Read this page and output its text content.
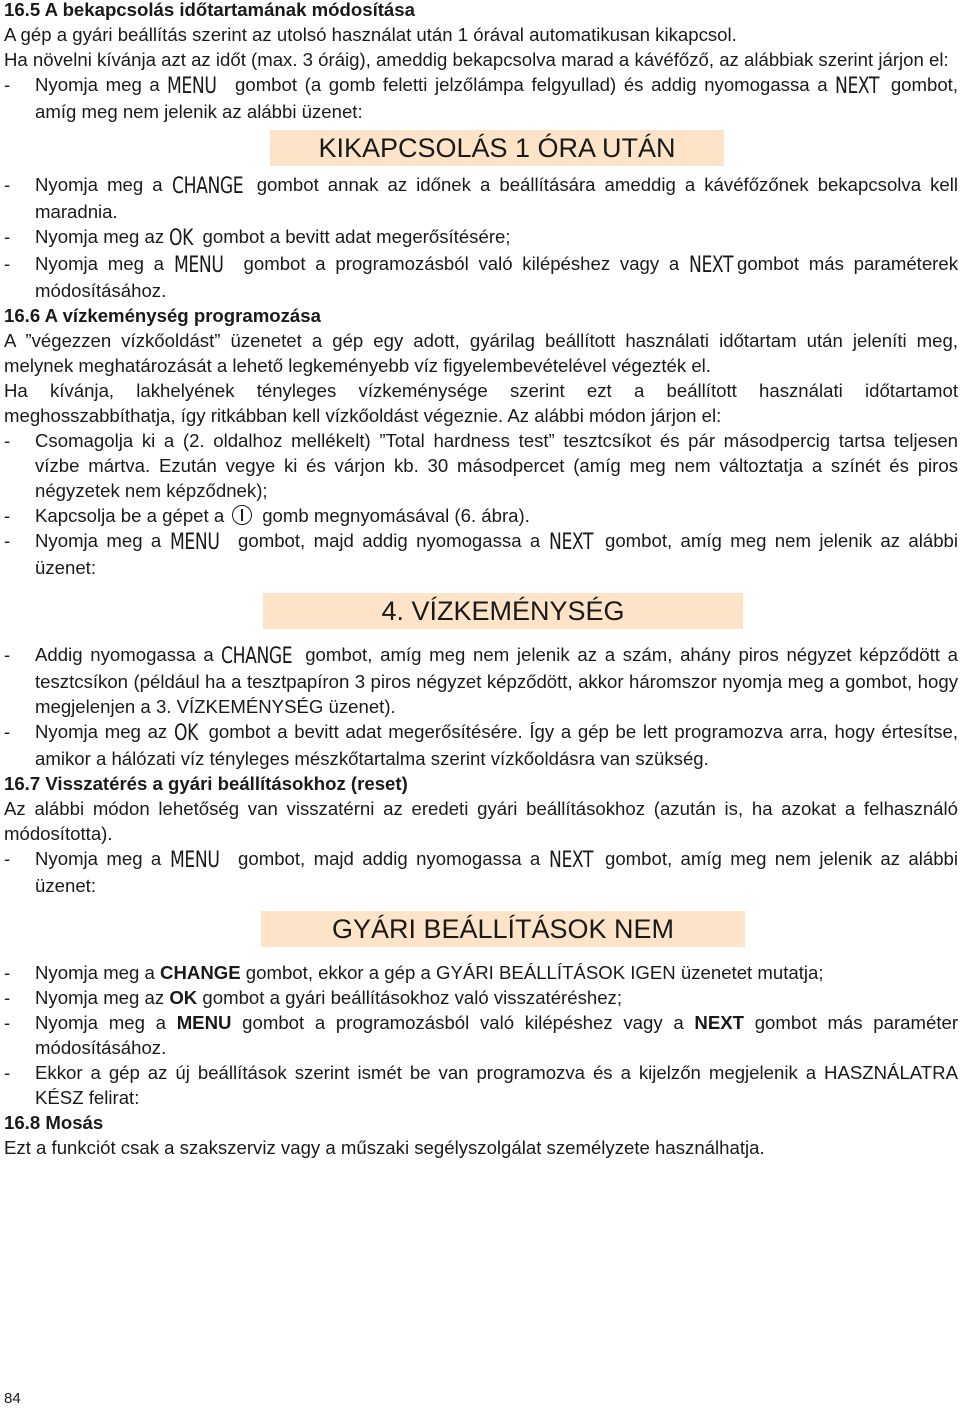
16.5 A bekapcsolás időtartamának módosítása

A gép a gyári beállítás szerint az utolsó használat után 1 órával automatikusan kikapcsol.

Ha növelni kívánja azt az időt (max. 3 óráig), ameddig bekapcsolva marad a kávéfőző, az alábbiak szerint járjon el:

- Nyomja meg a MENU gombot (a gomb feletti jelzőlámpa felgyullad) és addig nyomogassa a NEXT gombot, amíg meg nem jelenik az alábbi üzenet:

KIKAPCSOLÁS 1 ÓRA UTÁN

- Nyomja meg a CHANGE gombot annak az időnek a beállítására ameddig a kávéfőzőnek bekapcsolva kell maradnia.

- Nyomja meg az OK gombot a bevitt adat megerősítésére;

- Nyomja meg a MENU gombot a programozásból való kilépéshez vagy a NEXT gombot más paraméterek módosításához.

16.6 A vízkeménység programozása

A ”végezzen vízkőoldást” üzenetet a gép egy adott, gyárilag beállított használati időtartam után jeleníti meg, melynek meghatározását a lehető legkeményebb víz figyelembevételével végezték el.

Ha kívánja, lakhelyének tényleges vízkeménysége szerint ezt a beállított használati időtartamot meghosszabbíthatja, így ritkábban kell vízkőoldást végeznie. Az alábbi módon járjon el:

- Csomagolja ki a (2. oldalhoz mellékelt) ”Total hardness test” tesztcsíkot és pár másodpercig tartsa teljesen vízbe mártva. Ezután vegye ki és várjon kb. 30 másodpercet (amíg meg nem változtatja a színét és piros négyzetek nem képződnek);

- Kapcsolja be a gépet a gomb megnyomásával (6. ábra).

- Nyomja meg a MENU gombot, majd addig nyomogassa a NEXT gombot, amíg meg nem jelenik az alábbi üzenet:

4. VÍZKEMÉNYSÉG

- Addig nyomogassa a CHANGE gombot, amíg meg nem jelenik az a szám, ahány piros négyzet képződött a tesztcsíkon (például ha a tesztpapíron 3 piros négyzet képződött, akkor háromszor nyomja meg a gombot, hogy megjelenjen a 3. VÍZKEMÉNYSÉG üzenet).

- Nyomja meg az OK gombot a bevitt adat megerősítésére. Így a gép be lett programozva arra, hogy értesítse, amikor a hálózati víz tényleges mészkőtartalma szerint vízkőoldásra van szükség.

16.7 Visszatérés a gyári beállításokhoz (reset)

Az alábbi módon lehetőség van visszatérni az eredeti gyári beállításokhoz (azután is, ha azokat a felhasználó módosította).

- Nyomja meg a MENU gombot, majd addig nyomogassa a NEXT gombot, amíg meg nem jelenik az alábbi üzenet:

GYÁRI BEÁLLÍTÁSOK NEM

- Nyomja meg a CHANGE gombot, ekkor a gép a GYÁRI BEÁLLÍTÁSOK IGEN üzenetet mutatja;

- Nyomja meg az OK gombot a gyári beállításokhoz való visszatéréshez;

- Nyomja meg a MENU gombot a programozásból való kilépéshez vagy a NEXT gombot más paraméter módosításához.

- Ekkor a gép az új beállítások szerint ismét be van programozva és a kijelzőn megjelenik a HASZNÁLATRA KÉSZ felirat:

16.8 Mosás

Ezt a funkciót csak a szakszerviz vagy a műszaki segélyszolgálat személyzete használhatja.

84
